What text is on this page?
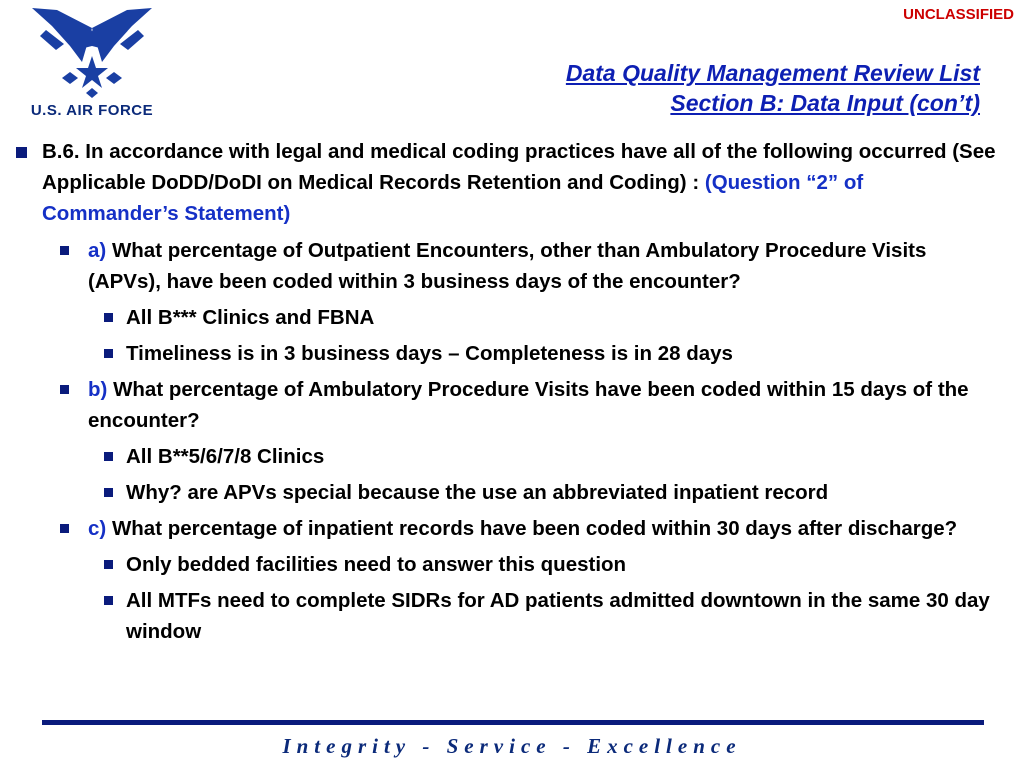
UNCLASSIFIED
U.S. AIR FORCE
Data Quality Management Review List
Section B: Data Input (con’t)
B.6. In accordance with legal and medical coding practices have all of the following occurred (See Applicable DoDD/DoDI on Medical Records Retention and Coding) : (Question “2” of Commander’s Statement)
a) What percentage of Outpatient Encounters, other than Ambulatory Procedure Visits (APVs), have been coded within 3 business days of the encounter?
All B*** Clinics and FBNA
Timeliness is in 3 business days – Completeness is in 28 days
b) What percentage of Ambulatory Procedure Visits have been coded within 15 days of the encounter?
All B**5/6/7/8 Clinics
Why? are APVs special because the use an abbreviated inpatient record
c) What percentage of inpatient records have been coded within 30 days after discharge?
Only bedded facilities need to answer this question
All MTFs need to complete SIDRs for AD patients admitted downtown in the same 30 day window
Integrity - Service - Excellence
